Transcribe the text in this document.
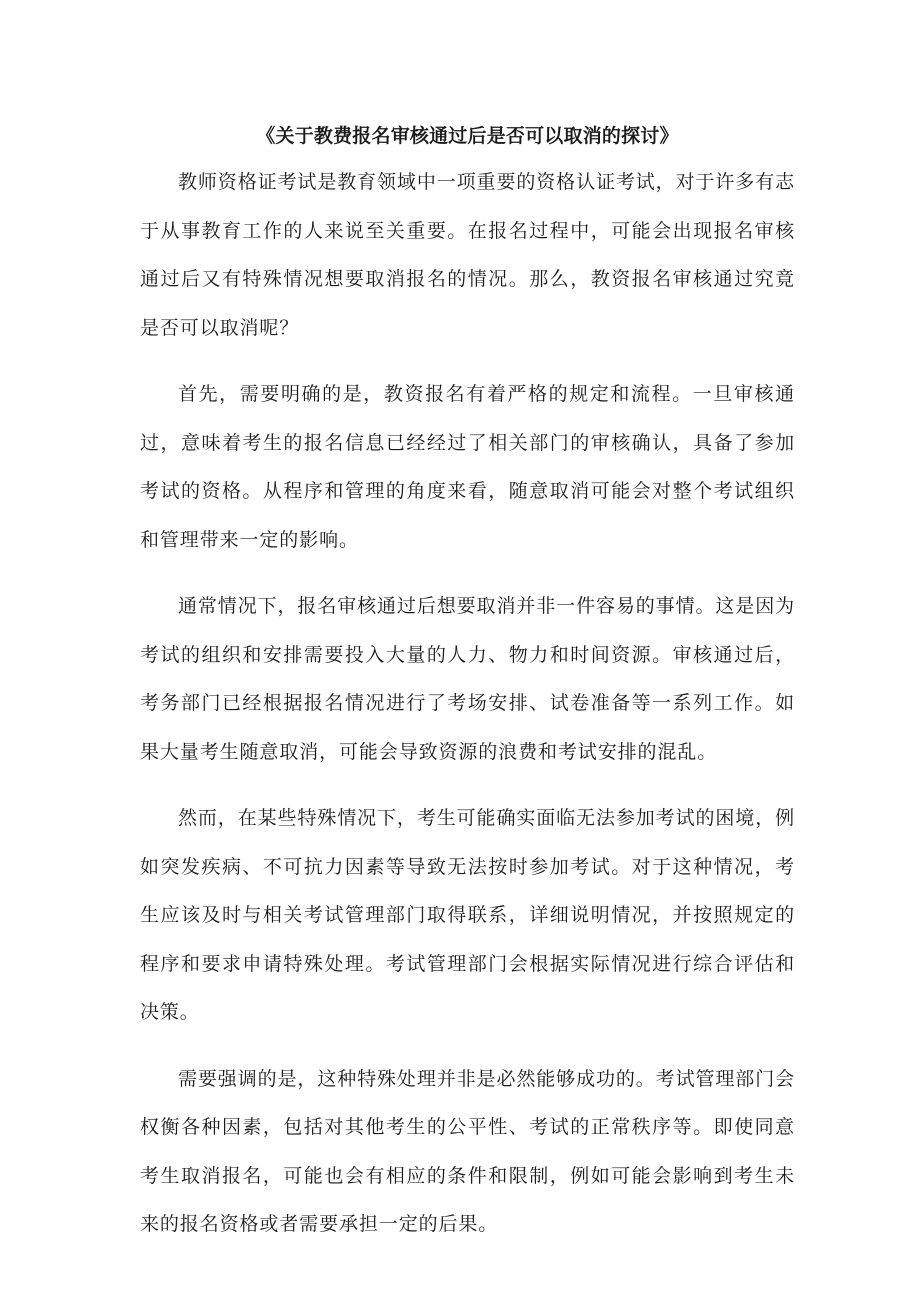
《关于教费报名审核通过后是否可以取消的探讨》

教师资格证考试是教育领域中一项重要的资格认证考试，对于许多有志于从事教育工作的人来说至关重要。在报名过程中，可能会出现报名审核通过后又有特殊情况想要取消报名的情况。那么，教资报名审核通过究竟是否可以取消呢？

首先，需要明确的是，教资报名有着严格的规定和流程。一旦审核通过，意味着考生的报名信息已经经过了相关部门的审核确认，具备了参加考试的资格。从程序和管理的角度来看，随意取消可能会对整个考试组织和管理带来一定的影响。

通常情况下，报名审核通过后想要取消并非一件容易的事情。这是因为考试的组织和安排需要投入大量的人力、物力和时间资源。审核通过后，考务部门已经根据报名情况进行了考场安排、试卷准备等一系列工作。如果大量考生随意取消，可能会导致资源的浪费和考试安排的混乱。

然而，在某些特殊情况下，考生可能确实面临无法参加考试的困境，例如突发疾病、不可抗力因素等导致无法按时参加考试。对于这种情况，考生应该及时与相关考试管理部门取得联系，详细说明情况，并按照规定的程序和要求申请特殊处理。考试管理部门会根据实际情况进行综合评估和决策。

需要强调的是，这种特殊处理并非是必然能够成功的。考试管理部门会权衡各种因素，包括对其他考生的公平性、考试的正常秩序等。即使同意考生取消报名，可能也会有相应的条件和限制，例如可能会影响到考生未来的报名资格或者需要承担一定的后果。
